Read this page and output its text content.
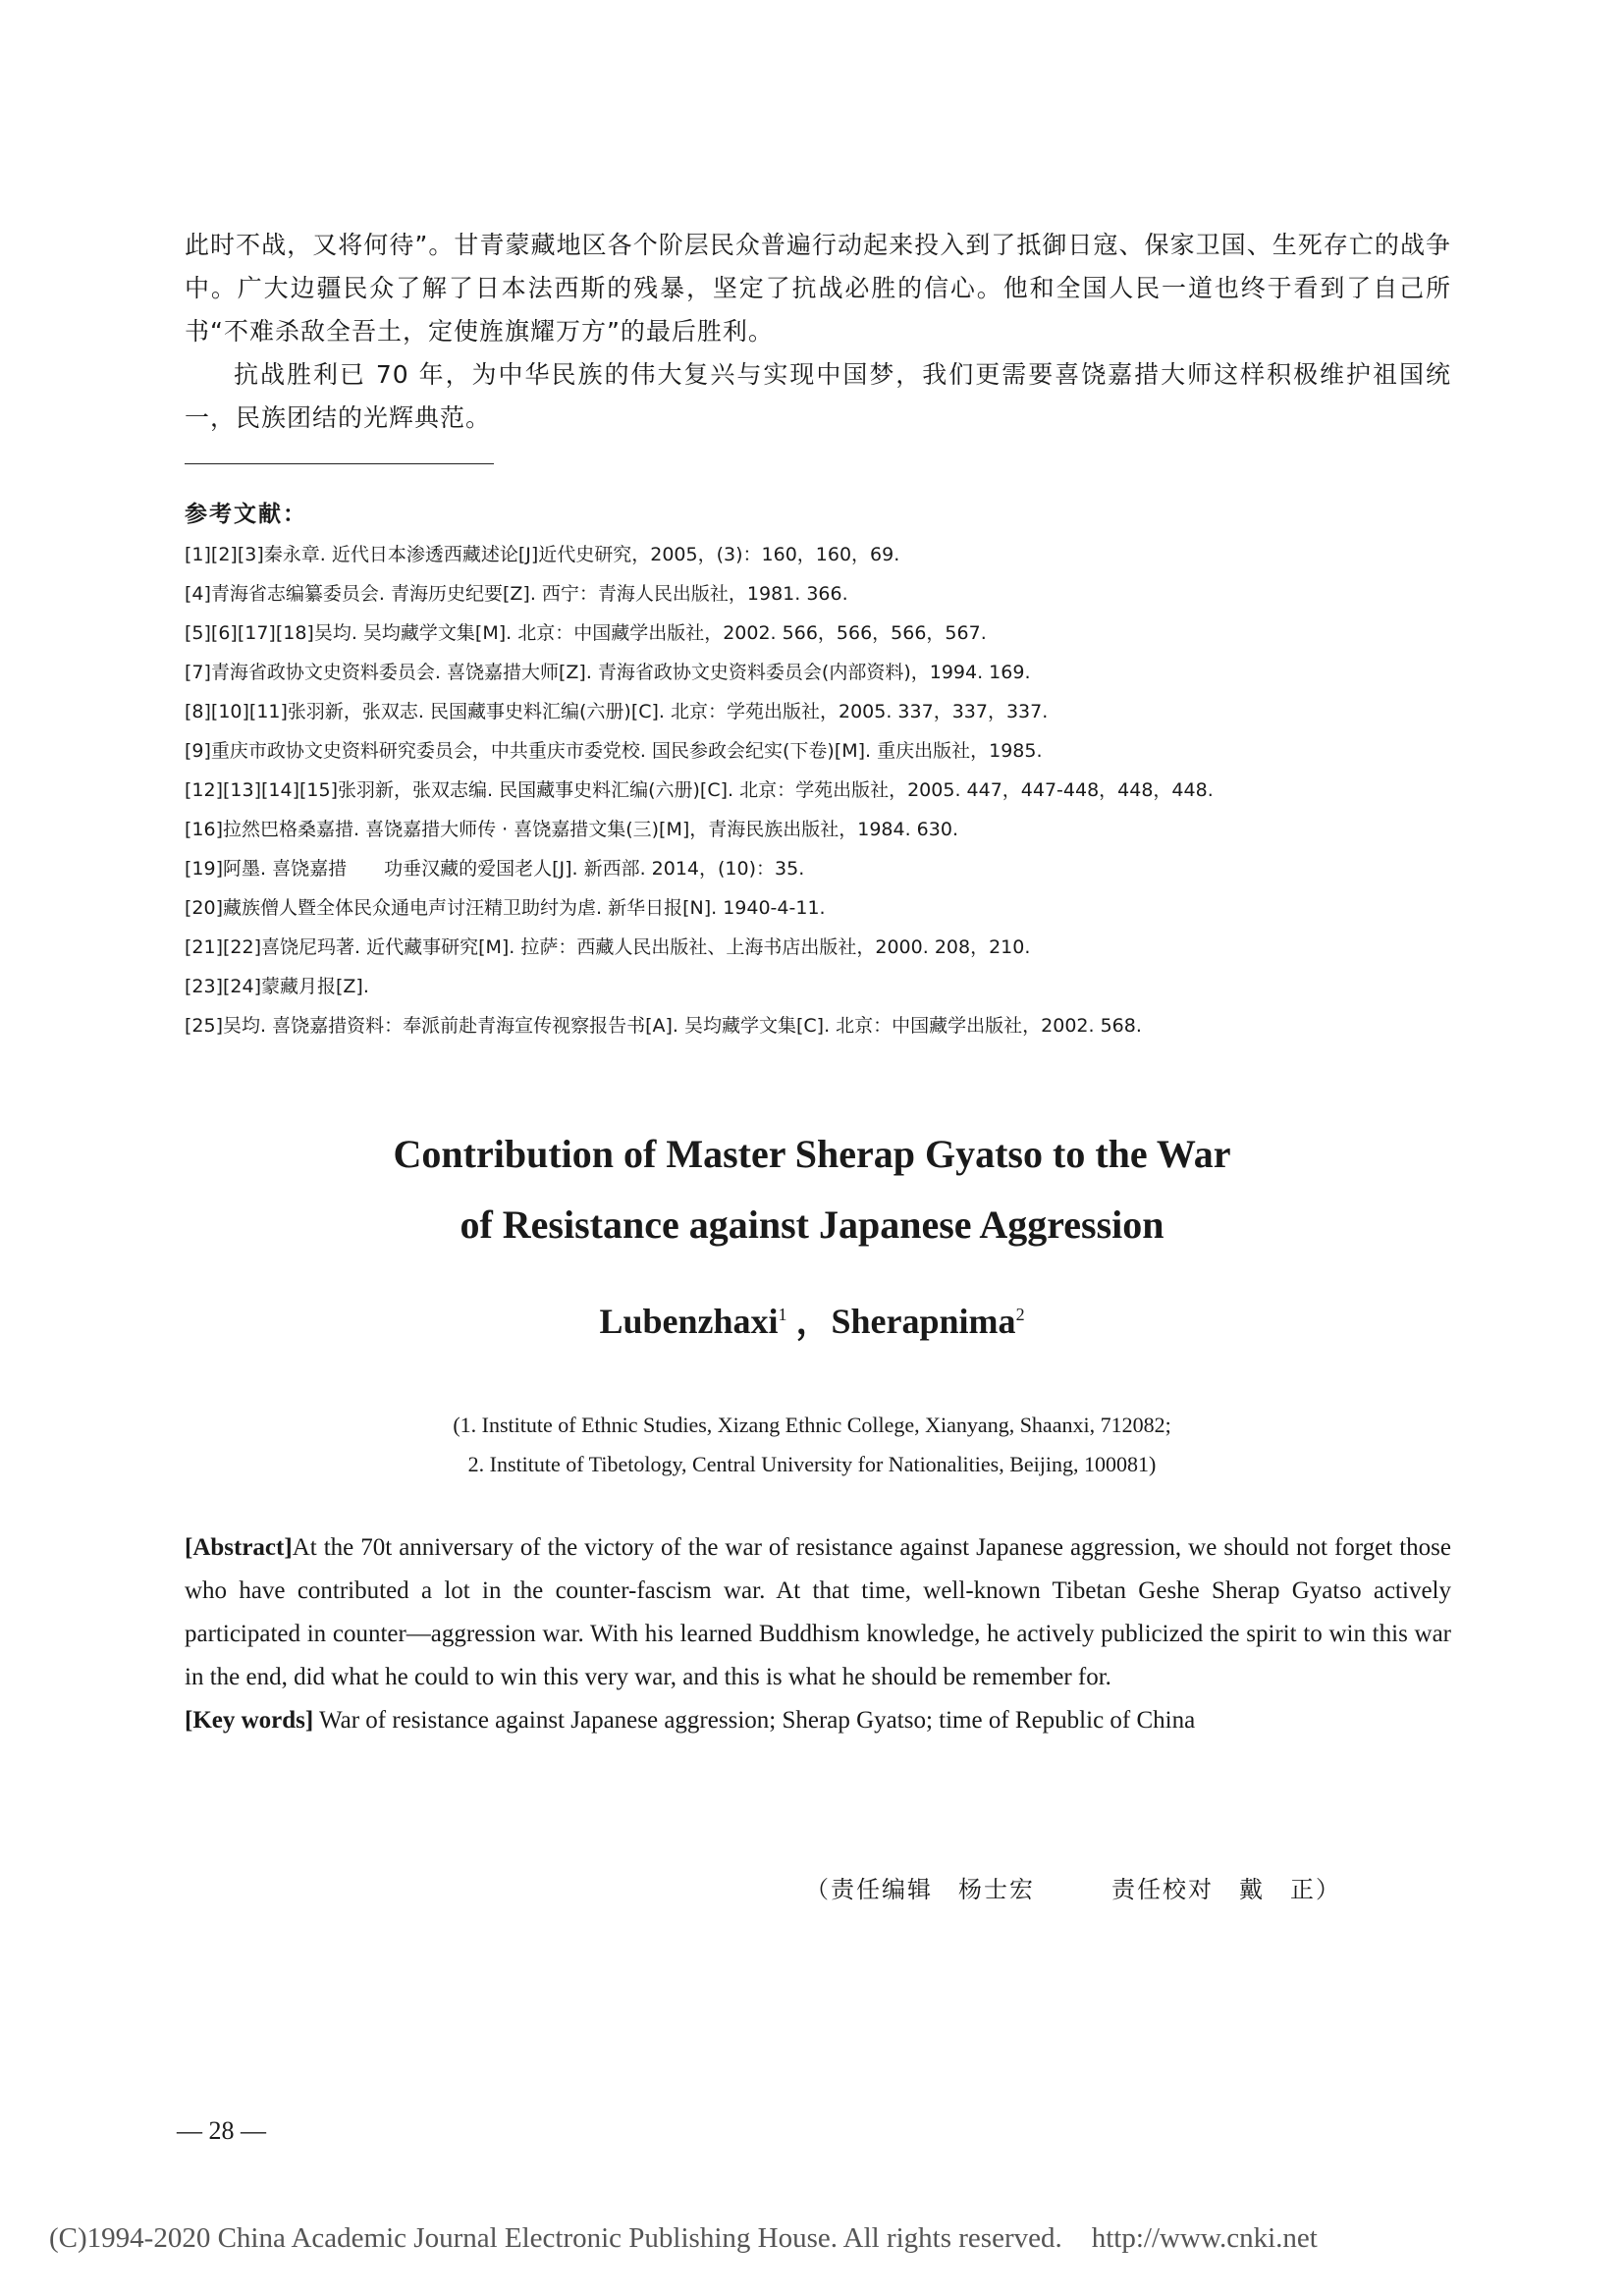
此时不战，又将何待”。甘青蒙藏地区各个阶层民众普遍行动起来投入到了抵御日寇、保家卫国、生死存亡的战争中。广大边疆民众了解了日本法西斯的残暴，坚定了抗战必胜的信心。他和全国人民一道也终于看到了自己所书“不难杀敌全吾土，定使旌旗耀万方”的最后胜利。

抗战胜利已 70 年，为中华民族的伟大复兴与实现中国梦，我们更需要喜饶嘉措大师这样积极维护祖国统一，民族团结的光辉典范。

参考文献：
[1][2][3]秦永章. 近代日本渗透西藏述论[J]近代史研究，2005，(3)：160，160，69.
[4]青海省志编纂委员会. 青海历史纪要[Z]. 西宁：青海人民出版社，1981. 366.
[5][6][17][18]吴均. 吴均藏学文集[M]. 北京：中国藏学出版社，2002. 566，566，566，567.
[7]青海省政协文史资料委员会. 喜饶嘉措大师[Z]. 青海省政协文史资料委员会(内部资料)，1994. 169.
[8][10][11]张羽新，张双志. 民国藏事史料汇编(六册)[C]. 北京：学苑出版社，2005. 337，337，337.
[9]重庆市政协文史资料研究委员会，中共重庆市委党校. 国民参政会纪实(下卷)[M]. 重庆出版社，1985.
[12][13][14][15]张羽新，张双志编. 民国藏事史料汇编(六册)[C]. 北京：学苑出版社，2005. 447，447-448，448，448.
[16]拉然巴格桑嘉措. 喜饶嘉措大师传 · 喜饶嘉措文集(三)[M]，青海民族出版社，1984. 630.
[19]阿墨. 喜饶嘉措　　功垂汉藏的爱国老人[J]. 新西部. 2014，(10)：35.
[20]藏族僧人暨全体民众通电声讨汪精卫助纣为虐. 新华日报[N]. 1940-4-11.
[21][22]喜饶尼玛著. 近代藏事研究[M]. 拉萨：西藏人民出版社、上海书店出版社，2000. 208，210.
[23][24]蒙藏月报[Z].
[25]吴均. 喜饶嘉措资料：奉派前赴青海宣传视察报告书[A]. 吴均藏学文集[C]. 北京：中国藏学出版社，2002. 568.
Contribution of Master Sherap Gyatso to the War
of Resistance against Japanese Aggression
Lubenzhaxi$^1$ ，Sherapnima$^2$
(1. Institute of Ethnic Studies, Xizang Ethnic College, Xianyang, Shaanxi, 712082;
2. Institute of Tibetology, Central University for Nationalities, Beijing, 100081)

[Abstract]At the 70t anniversary of the victory of the war of resistance against Japanese aggression, we should not forget those who have contributed a lot in the counter-fascism war. At that time, well-known Tibetan Geshe Sherap Gyatso actively participated in counter—aggression war. With his learned Buddhism knowledge, he actively publicized the spirit to win this war in the end, did what he could to win this very war, and this is what he should be remember for.

[Key words] War of resistance against Japanese aggression; Sherap Gyatso; time of Republic of China

（责任编辑　杨士宏　　　责任校对　戴　正）
— 28 —
(C)1994-2020 China Academic Journal Electronic Publishing House. All rights reserved. http://www.cnki.net
